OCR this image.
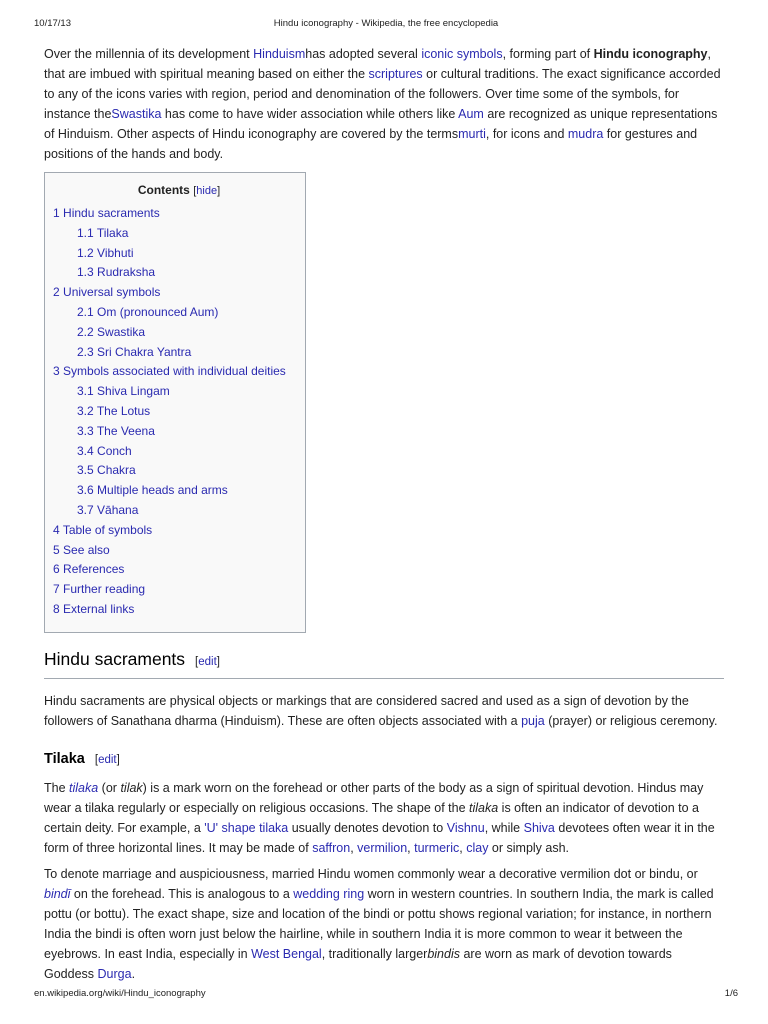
10/17/13	Hindu iconography - Wikipedia, the free encyclopedia

Over the millennia of its development Hinduismhas adopted several iconic symbols, forming part of Hindu iconography, that are imbued with spiritual meaning based on either the scriptures or cultural traditions. The exact significance accorded to any of the icons varies with region, period and denomination of the followers. Over time some of the symbols, for instance theSwastika has come to have wider association while others like Aum are recognized as unique representations of Hinduism. Other aspects of Hindu iconography are covered by the termsmurti, for icons and mudra for gestures and positions of the hands and body.

Contents [hide]
1 Hindu sacraments
1.1 Tilaka
1.2 Vibhuti
1.3 Rudraksha
2 Universal symbols
2.1 Om (pronounced Aum)
2.2 Swastika
2.3 Sri Chakra Yantra
3 Symbols associated with individual deities
3.1 Shiva Lingam
3.2 The Lotus
3.3 The Veena
3.4 Conch
3.5 Chakra
3.6 Multiple heads and arms
3.7 Vāhana
4 Table of symbols
5 See also
6 References
7 Further reading
8 External links
Hindu sacraments [edit]

Hindu sacraments are physical objects or markings that are considered sacred and used as a sign of devotion by the followers of Sanathana dharma (Hinduism). These are often objects associated with a puja (prayer) or religious ceremony.

Tilaka [edit]

The tilaka (or tilak) is a mark worn on the forehead or other parts of the body as a sign of spiritual devotion. Hindus may wear a tilaka regularly or especially on religious occasions. The shape of the tilaka is often an indicator of devotion to a certain deity. For example, a 'U' shape tilaka usually denotes devotion to Vishnu, while Shiva devotees often wear it in the form of three horizontal lines. It may be made of saffron, vermilion, turmeric, clay or simply ash.

To denote marriage and auspiciousness, married Hindu women commonly wear a decorative vermilion dot or bindu, or bindī on the forehead. This is analogous to a wedding ring worn in western countries. In southern India, the mark is called pottu (or bottu). The exact shape, size and location of the bindi or pottu shows regional variation; for instance, in northern India the bindi is often worn just below the hairline, while in southern India it is more common to wear it between the eyebrows. In east India, especially in West Bengal, traditionally largerbindis are worn as mark of devotion towards Goddess Durga.

en.wikipedia.org/wiki/Hindu_iconography	1/6
